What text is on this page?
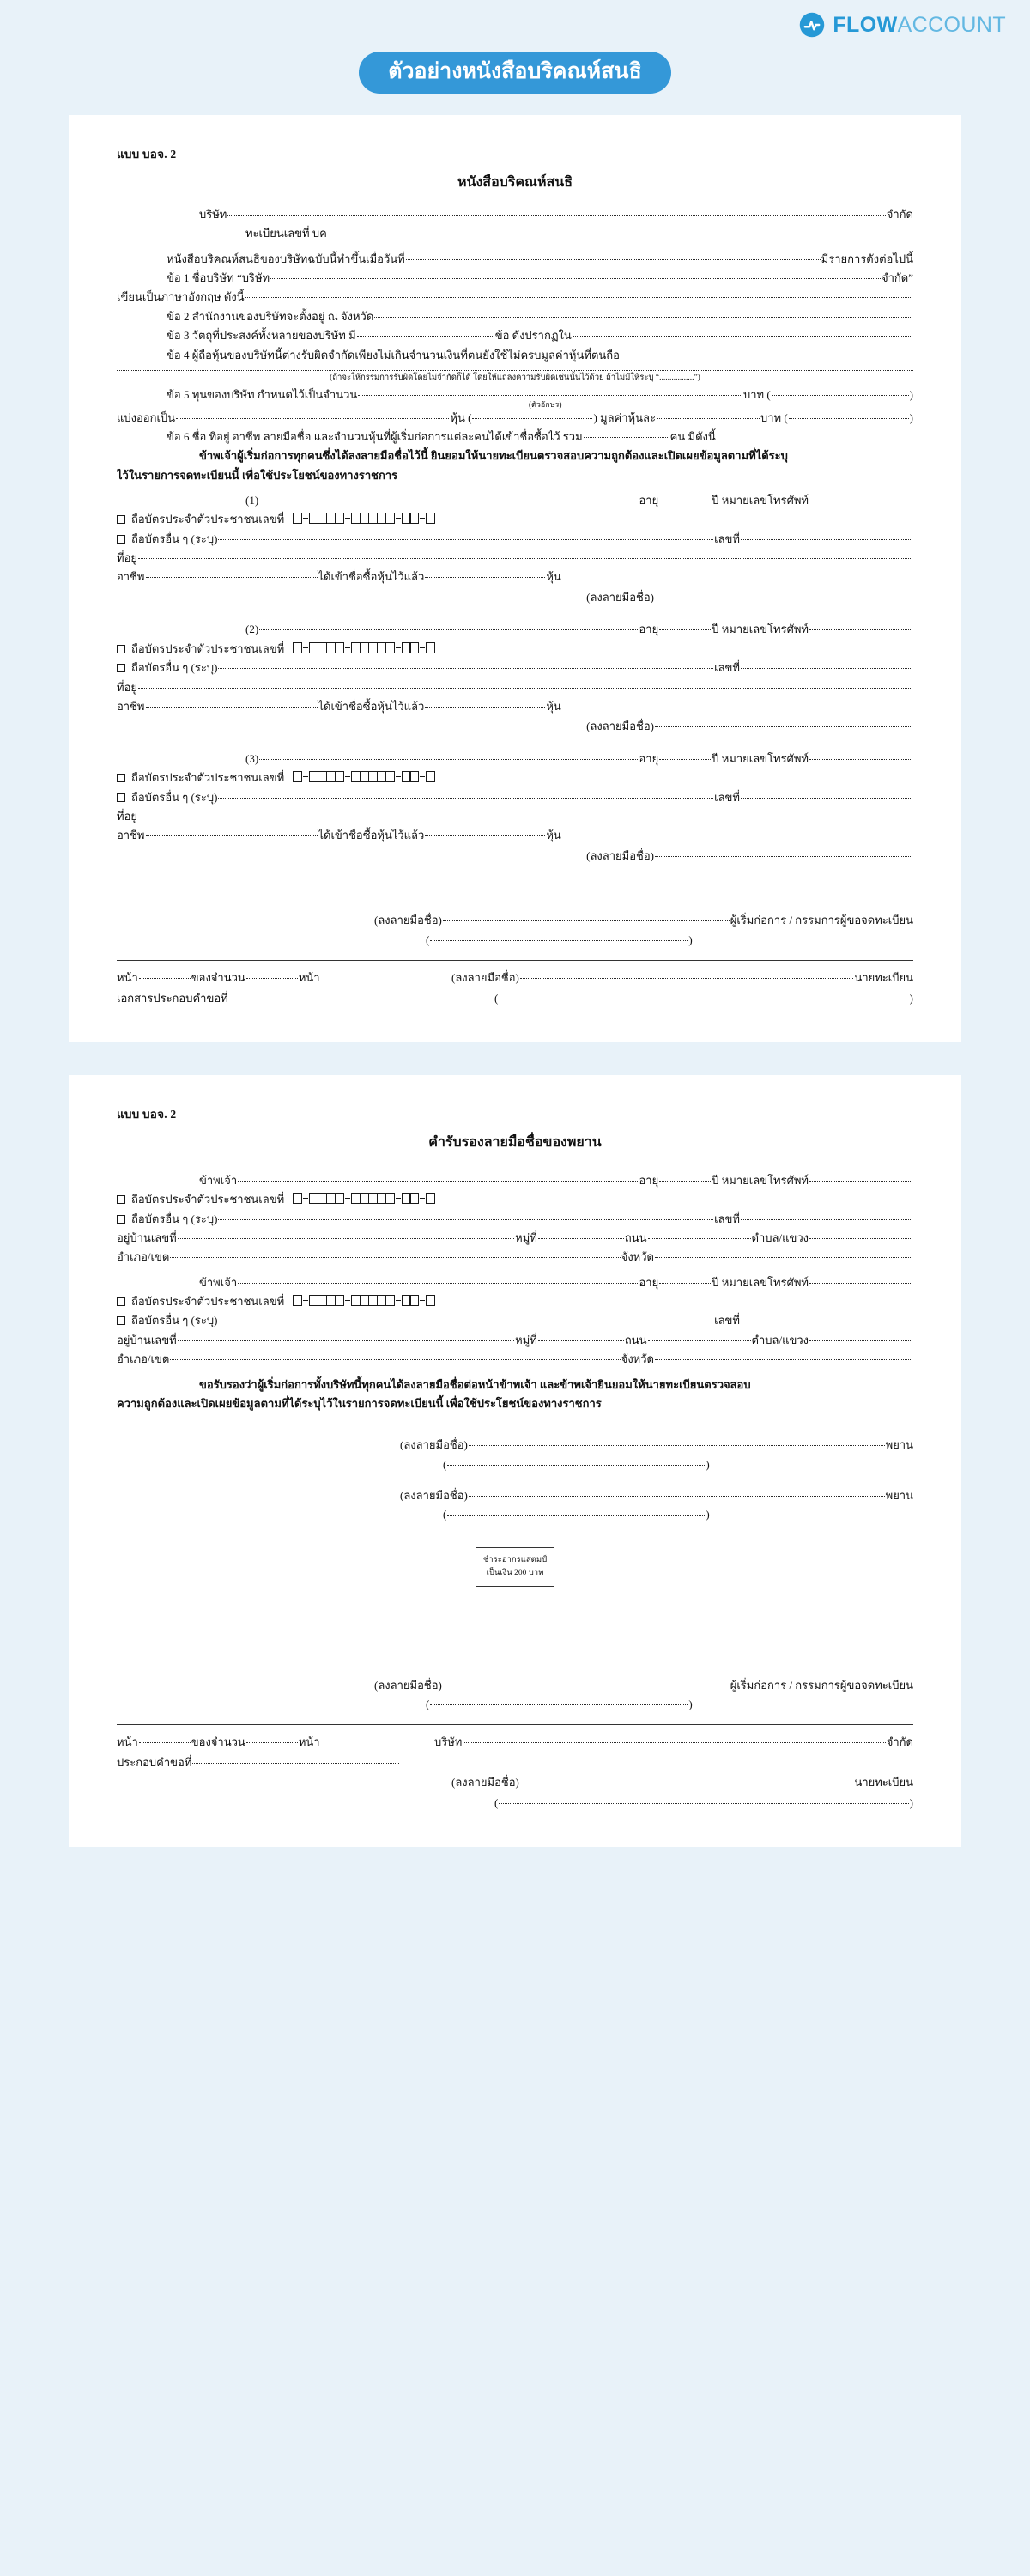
FLOWACCOUNT
ตัวอย่างหนังสือบริคณห์สนธิ
แบบ บอจ. 2
หนังสือบริคณห์สนธิ
บริษัท	จำกัด
ทะเบียนเลขที่ บค
หนังสือบริคณห์สนธิของบริษัทฉบับนี้ทำขึ้นเมื่อวันที่	มีรายการดังต่อไปนี้
ข้อ 1 ชื่อบริษัท “บริษัท	จำกัด”
เขียนเป็นภาษาอังกฤษ ดังนี้
ข้อ 2 สำนักงานของบริษัทจะตั้งอยู่ ณ จังหวัด
ข้อ 3 วัตถุที่ประสงค์ทั้งหลายของบริษัท มี	ข้อ ดังปรากฏใน
ข้อ 4 ผู้ถือหุ้นของบริษัทนี้ต่างรับผิดจำกัดเพียงไม่เกินจำนวนเงินที่ตนยังใช้ไม่ครบมูลค่าหุ้นที่ตนถือ
(ถ้าจะให้กรรมการรับผิดโดยไม่จำกัดก็ได้ โดยให้แถลงความรับผิดเช่นนั้นไว้ด้วย ถ้าไม่มีให้ระบุ “.................”)
ข้อ 5 ทุนของบริษัท กำหนดไว้เป็นจำนวน	บาท (	)
(ตัวอักษร)
แบ่งออกเป็น	หุ้น (	) มูลค่าหุ้นละ	บาท (	)
ข้อ 6 ชื่อ ที่อยู่ อาชีพ ลายมือชื่อ และจำนวนหุ้นที่ผู้เริ่มก่อการแต่ละคนได้เข้าชื่อซื้อไว้ รวม	คน มีดังนี้
ข้าพเจ้าผู้เริ่มก่อการทุกคนซึ่งได้ลงลายมือชื่อไว้นี้ ยินยอมให้นายทะเบียนตรวจสอบความถูกต้องและเปิดเผยข้อมูลตามที่ได้ระบุ
ไว้ในรายการจดทะเบียนนี้ เพื่อใช้ประโยชน์ของทางราชการ
(1)	อายุ	ปี หมายเลขโทรศัพท์
ถือบัตรประจำตัวประชาชนเลขที่
ถือบัตรอื่น ๆ (ระบุ)	เลขที่
ที่อยู่
อาชีพ	ได้เข้าชื่อซื้อหุ้นไว้แล้ว	หุ้น
(ลงลายมือชื่อ)
(2)	อายุ	ปี หมายเลขโทรศัพท์
ถือบัตรประจำตัวประชาชนเลขที่
ถือบัตรอื่น ๆ (ระบุ)	เลขที่
ที่อยู่
อาชีพ	ได้เข้าชื่อซื้อหุ้นไว้แล้ว	หุ้น
(ลงลายมือชื่อ)
(3)	อายุ	ปี หมายเลขโทรศัพท์
ถือบัตรประจำตัวประชาชนเลขที่
ถือบัตรอื่น ๆ (ระบุ)	เลขที่
ที่อยู่
อาชีพ	ได้เข้าชื่อซื้อหุ้นไว้แล้ว	หุ้น
(ลงลายมือชื่อ)
(ลงลายมือชื่อ)	ผู้เริ่มก่อการ / กรรมการผู้ขอจดทะเบียน
(	)
หน้า	ของจำนวน	หน้า	(ลงลายมือชื่อ)	นายทะเบียน
เอกสารประกอบคำขอที่	(	)
แบบ บอจ. 2
คำรับรองลายมือชื่อของพยาน
ข้าพเจ้า	อายุ	ปี หมายเลขโทรศัพท์
ถือบัตรประจำตัวประชาชนเลขที่
ถือบัตรอื่น ๆ (ระบุ)	เลขที่
อยู่บ้านเลขที่	หมู่ที่	ถนน	ตำบล/แขวง
อำเภอ/เขต	จังหวัด
ข้าพเจ้า	อายุ	ปี หมายเลขโทรศัพท์
ถือบัตรประจำตัวประชาชนเลขที่
ถือบัตรอื่น ๆ (ระบุ)	เลขที่
อยู่บ้านเลขที่	หมู่ที่	ถนน	ตำบล/แขวง
อำเภอ/เขต	จังหวัด
ขอรับรองว่าผู้เริ่มก่อการทั้งบริษัทนี้ทุกคนได้ลงลายมือชื่อต่อหน้าข้าพเจ้า และข้าพเจ้ายินยอมให้นายทะเบียนตรวจสอบ
ความถูกต้องและเปิดเผยข้อมูลตามที่ได้ระบุไว้ในรายการจดทะเบียนนี้ เพื่อใช้ประโยชน์ของทางราชการ
(ลงลายมือชื่อ)	พยาน
(	)
(ลงลายมือชื่อ)	พยาน
(	)
ชำระอากรแสตมป์
เป็นเงิน 200 บาท
(ลงลายมือชื่อ)	ผู้เริ่มก่อการ / กรรมการผู้ขอจดทะเบียน
(	)
หน้า	ของจำนวน	หน้า	บริษัท	จำกัด
ประกอบคำขอที่
(ลงลายมือชื่อ)	นายทะเบียน
(	)
